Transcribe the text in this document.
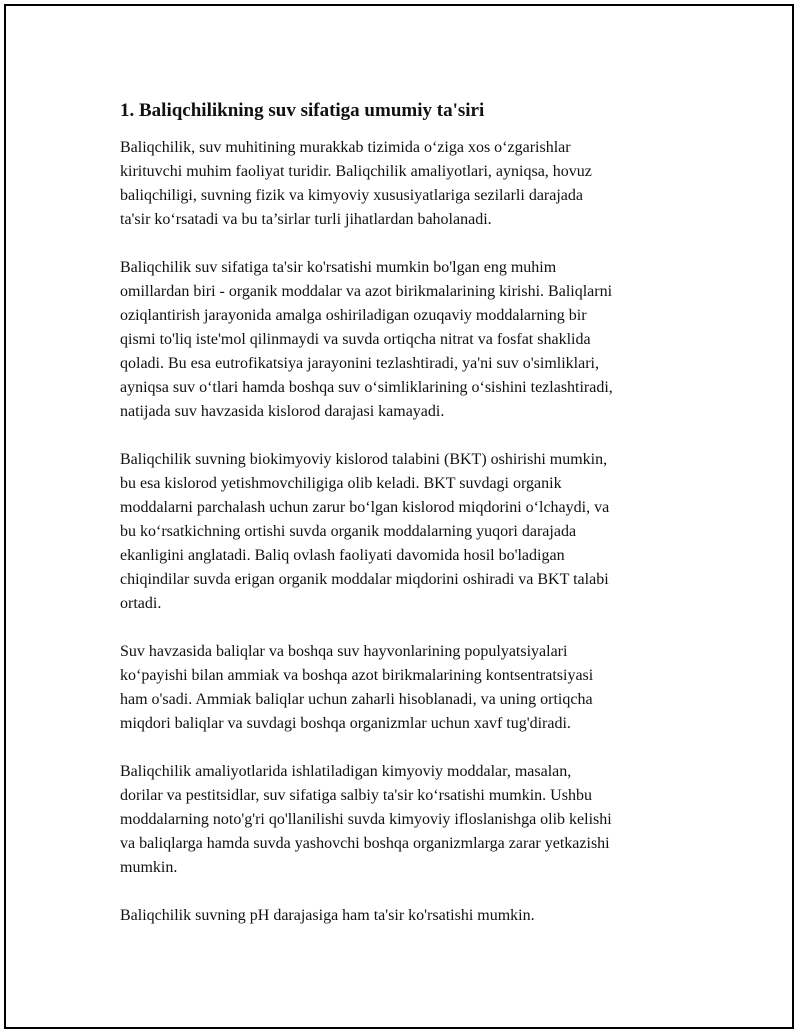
1. Baliqchilikning suv sifatiga umumiy ta'siri
Baliqchilik, suv muhitining murakkab tizimida o‘ziga xos o‘zgarishlar
kirituvchi muhim faoliyat turidir. Baliqchilik amaliyotlari, ayniqsa, hovuz
baliqchiligi, suvning fizik va kimyoviy xususiyatlariga sezilarli darajada
ta'sir ko‘rsatadi va bu ta’sirlar turli jihatlardan baholanadi.
Baliqchilik suv sifatiga ta'sir ko'rsatishi mumkin bo'lgan eng muhim
omillardan biri - organik moddalar va azot birikmalarining kirishi. Baliqlarni
oziqlantirish jarayonida amalga oshiriladigan ozuqaviy moddalarning bir
qismi to'liq iste'mol qilinmaydi va suvda ortiqcha nitrat va fosfat shaklida
qoladi. Bu esa eutrofikatsiya jarayonini tezlashtiradi, ya'ni suv o'simliklari,
ayniqsa suv o‘tlari hamda boshqa suv o‘simliklarining o‘sishini tezlashtiradi,
natijada suv havzasida kislorod darajasi kamayadi.
Baliqchilik suvning biokimyoviy kislorod talabini (BKT) oshirishi mumkin,
bu esa kislorod yetishmovchiligiga olib keladi. BKT suvdagi organik
moddalarni parchalash uchun zarur bo‘lgan kislorod miqdorini o‘lchaydi, va
bu ko‘rsatkichning ortishi suvda organik moddalarning yuqori darajada
ekanligini anglatadi. Baliq ovlash faoliyati davomida hosil bo'ladigan
chiqindilar suvda erigan organik moddalar miqdorini oshiradi va BKT talabi
ortadi.
Suv havzasida baliqlar va boshqa suv hayvonlarining populyatsiyalari
ko‘payishi bilan ammiak va boshqa azot birikmalarining kontsentratsiyasi
ham o'sadi. Ammiak baliqlar uchun zaharli hisoblanadi, va uning ortiqcha
miqdori baliqlar va suvdagi boshqa organizmlar uchun xavf tug'diradi.
Baliqchilik amaliyotlarida ishlatiladigan kimyoviy moddalar, masalan,
dorilar va pestitsidlar, suv sifatiga salbiy ta'sir ko‘rsatishi mumkin. Ushbu
moddalarning noto'g'ri qo'llanilishi suvda kimyoviy ifloslanishga olib kelishi
va baliqlarga hamda suvda yashovchi boshqa organizmlarga zarar yetkazishi
mumkin.
Baliqchilik suvning pH darajasiga ham ta'sir ko'rsatishi mumkin.
